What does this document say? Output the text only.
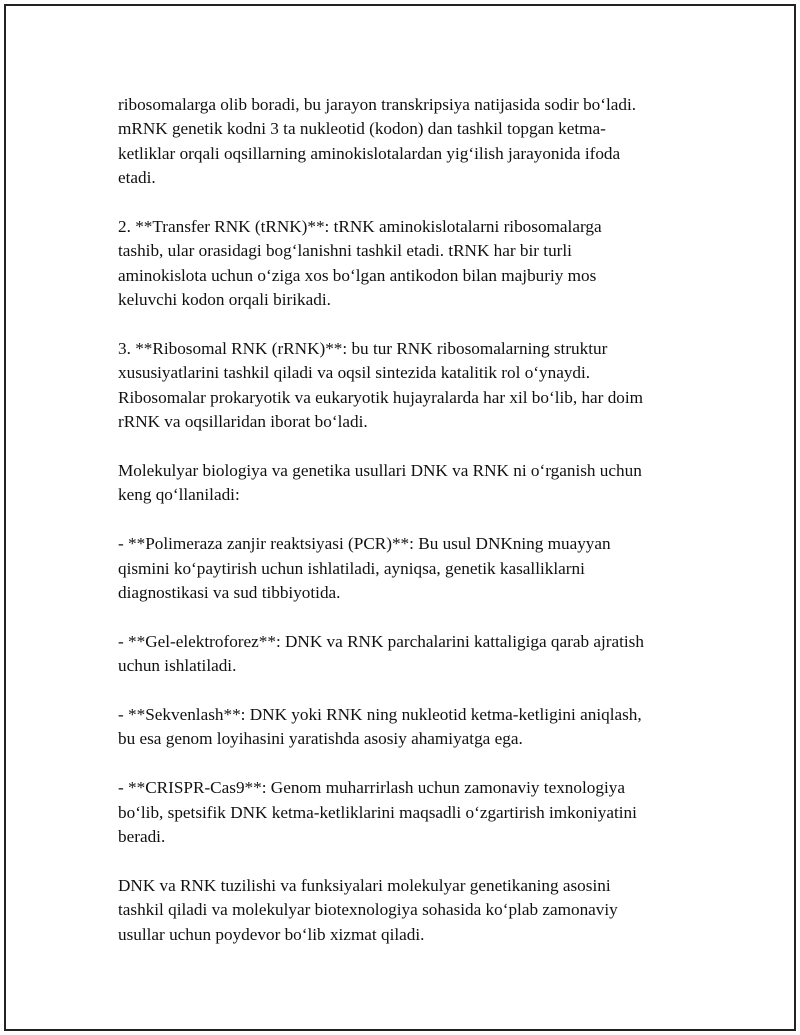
ribosomalarga olib boradi, bu jarayon transkripsiya natijasida sodir bo‘ladi.
mRNK genetik kodni 3 ta nukleotid (kodon) dan tashkil topgan ketma-
ketliklar orqali oqsillarning aminokislotalardan yig‘ilish jarayonida ifoda
etadi.

2. **Transfer RNK (tRNK)**: tRNK aminokislotalarni ribosomalarga
tashib, ular orasidagi bog‘lanishni tashkil etadi. tRNK har bir turli
aminokislota uchun o‘ziga xos bo‘lgan antikodon bilan majburiy mos
keluvchi kodon orqali birikadi.

3. **Ribosomal RNK (rRNK)**: bu tur RNK ribosomalarning struktur
xususiyatlarini tashkil qiladi va oqsil sintezida katalitik rol o‘ynaydi.
Ribosomalar prokaryotik va eukaryotik hujayralarda har xil bo‘lib, har doim
rRNK va oqsillaridan iborat bo‘ladi.

Molekulyar biologiya va genetika usullari DNK va RNK ni o‘rganish uchun
keng qo‘llaniladi:

- **Polimeraza zanjir reaktsiyasi (PCR)**: Bu usul DNKning muayyan
qismini ko‘paytirish uchun ishlatiladi, ayniqsa, genetik kasalliklarni
diagnostikasi va sud tibbiyotida.

- **Gel-elektroforez**: DNK va RNK parchalarini kattaligiga qarab ajratish
uchun ishlatiladi.

- **Sekvenlash**: DNK yoki RNK ning nukleotid ketma-ketligini aniqlash,
bu esa genom loyihasini yaratishda asosiy ahamiyatga ega.

- **CRISPR-Cas9**: Genom muharrirlash uchun zamonaviy texnologiya
bo‘lib, spetsifik DNK ketma-ketliklarini maqsadli o‘zgartirish imkoniyatini
beradi.

DNK va RNK tuzilishi va funksiyalari molekulyar genetikaning asosini
tashkil qiladi va molekulyar biotexnologiya sohasida ko‘plab zamonaviy
usullar uchun poydevor bo‘lib xizmat qiladi.
